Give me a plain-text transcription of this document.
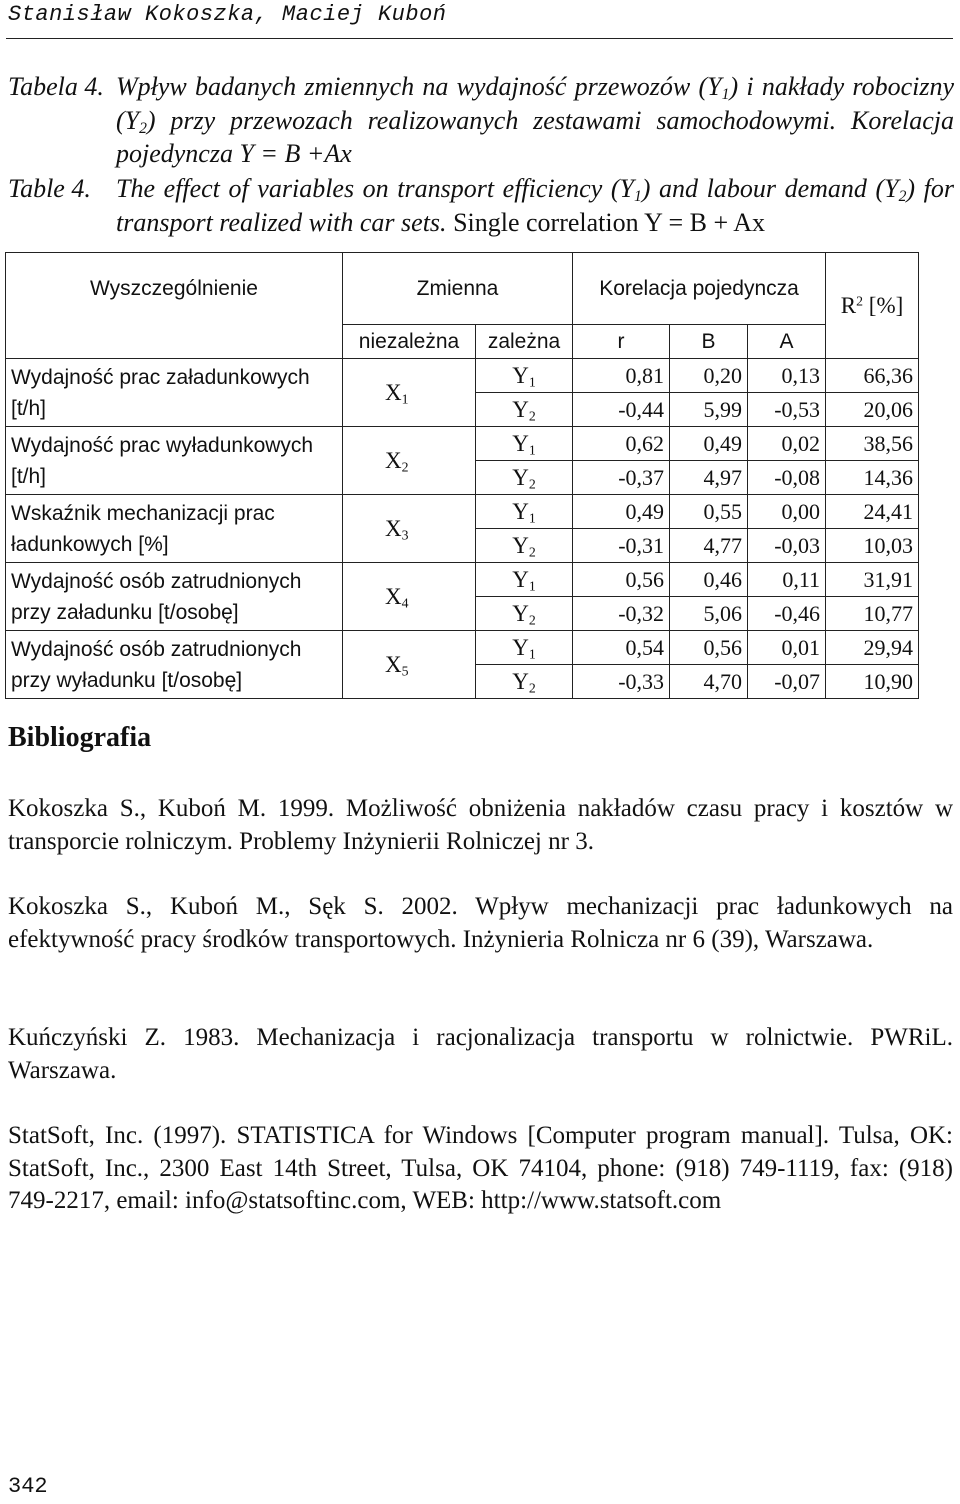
Stanisław Kokoszka, Maciej Kuboń
Tabela 4. Wpływ badanych zmiennych na wydajność przewozów $(Y_1)$ i nakłady robocizny $(Y_2)$ przy przewozach realizowanych zestawami samochodowymi. Korelacja pojedyncza Y = B +Ax
Table 4. The effect of variables on transport efficiency $(Y_1)$ and labour demand $(Y_2)$ for transport realized with car sets. Single correlation Y = B + Ax
Wyszczególnienie	Zmienna		Korelacja pojedyncza			$R^2$ [%]

	niezależna	zależna	r	B	A	
Wydajność prac załadunkowych [t/h]	$X_1$	$Y_1$	0,81	0,20	0,13	66,36
		$Y_2$	-0,44	5,99	-0,53	20,06
Wydajność prac wyładunkowych [t/h]	$X_2$	$Y_1$	0,62	0,49	0,02	38,56
		$Y_2$	-0,37	4,97	-0,08	14,36
Wskaźnik mechanizacji prac ładunkowych [%]	$X_3$	$Y_1$	0,49	0,55	0,00	24,41
		$Y_2$	-0,31	4,77	-0,03	10,03
Wydajność osób zatrudnionych przy załadunku [t/osobę]	$X_4$	$Y_1$	0,56	0,46	0,11	31,91
		$Y_2$	-0,32	5,06	-0,46	10,77
Wydajność osób zatrudnionych przy wyładunku [t/osobę]	$X_5$	$Y_1$	0,54	0,56	0,01	29,94
		$Y_2$	-0,33	4,70	-0,07	10,90
Bibliografia

Kokoszka S., Kuboń M. 1999. Możliwość obniżenia nakładów czasu pracy i kosztów w transporcie rolniczym. Problemy Inżynierii Rolniczej nr 3.

Kokoszka S., Kuboń M., Sęk S. 2002. Wpływ mechanizacji prac ładunkowych na efektywność pracy środków transportowych. Inżynieria Rolnicza nr 6 (39), Warszawa.

Kuńczyński Z. 1983. Mechanizacja i racjonalizacja transportu w rolnictwie. PWRiL. Warszawa.

StatSoft, Inc. (1997). STATISTICA for Windows [Computer program manual]. Tulsa, OK: StatSoft, Inc., 2300 East 14th Street, Tulsa, OK 74104, phone: (918) 749-1119, fax: (918) 749-2217, email: info@statsoftinc.com, WEB: http://www.statsoft.com

342
